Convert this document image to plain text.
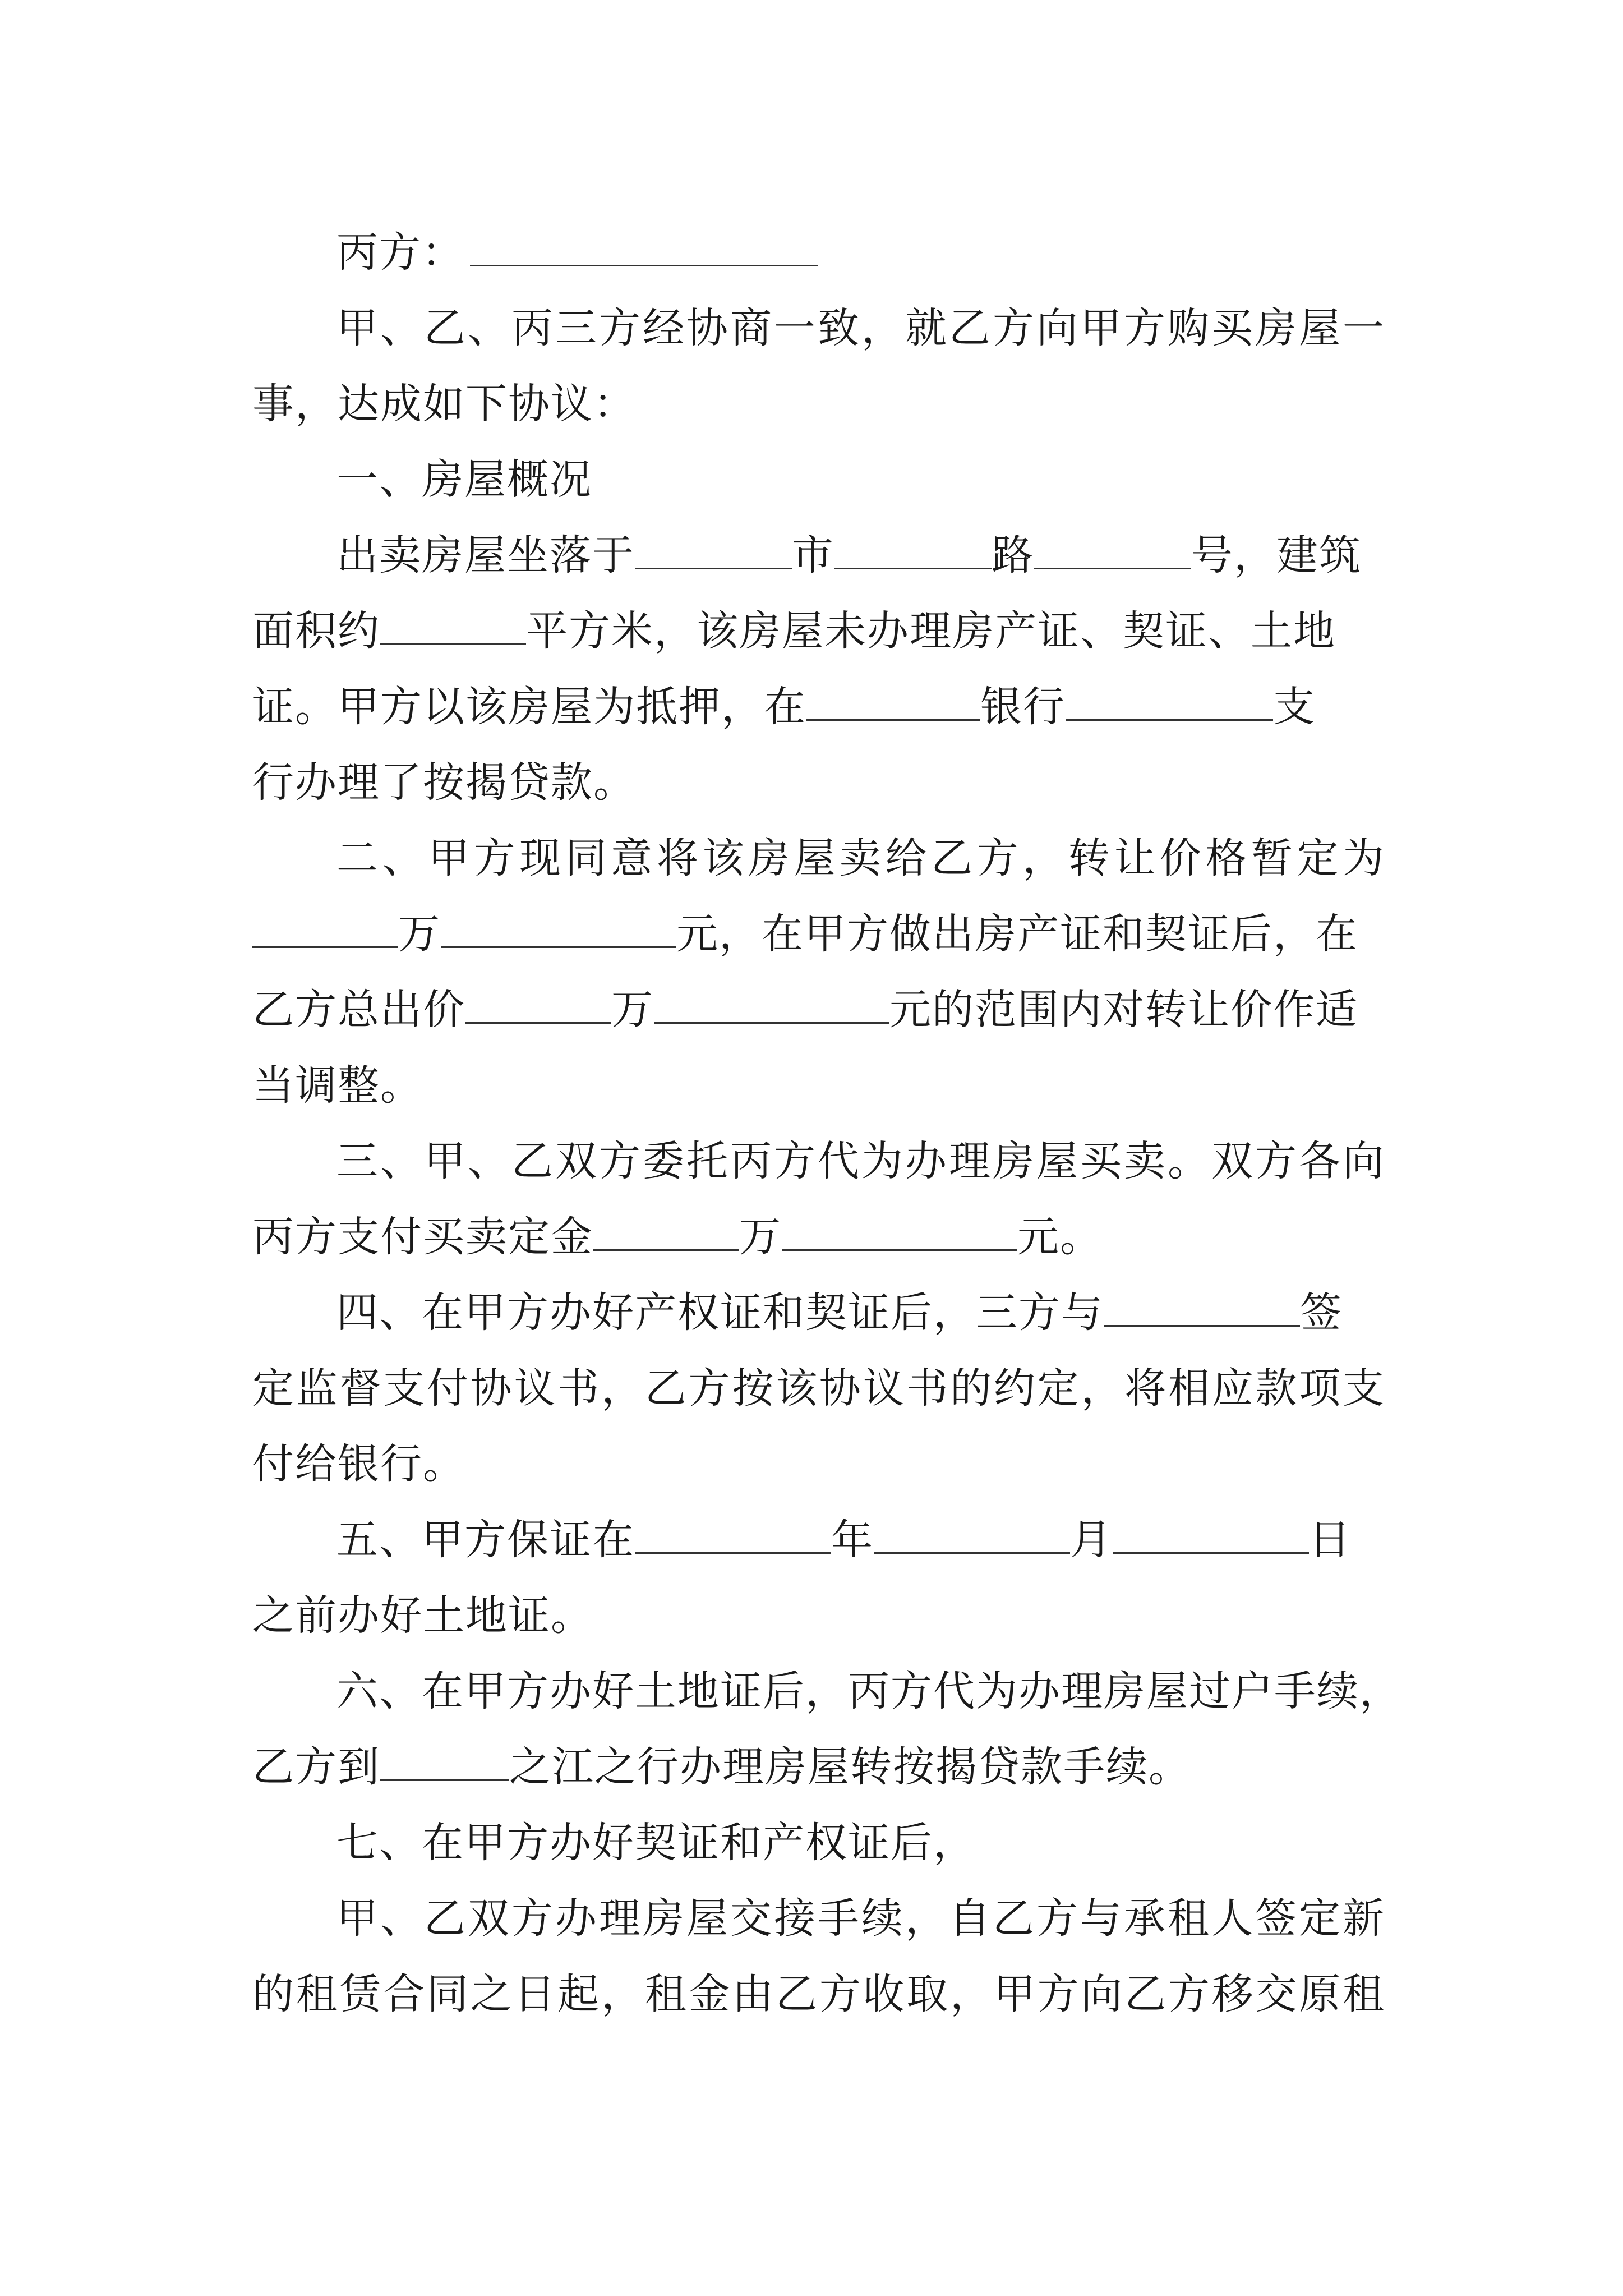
丙方：
甲、乙、丙三方经协商一致，就乙方向甲方购买房屋一
事，达成如下协议：
一、房屋概况
出卖房屋坐落于	市	路	号，建筑
面积约	平方米，该房屋未办理房产证、契证、土地
证。甲方以该房屋为抵押，在	银行	支
行办理了按揭贷款。
二、甲方现同意将该房屋卖给乙方，转让价格暂定为
万	元，在甲方做出房产证和契证后，在
乙方总出价	万	元的范围内对转让价作适
当调整。
三、甲、乙双方委托丙方代为办理房屋买卖。双方各向
丙方支付买卖定金	万	元。
四、在甲方办好产权证和契证后，三方与	签
定监督支付协议书，乙方按该协议书的约定，将相应款项支
付给银行。
五、甲方保证在	年	月	日
之前办好土地证。
六、在甲方办好土地证后，丙方代为办理房屋过户手续，
乙方到	之江之行办理房屋转按揭贷款手续。
七、在甲方办好契证和产权证后，
甲、乙双方办理房屋交接手续，自乙方与承租人签定新
的租赁合同之日起，租金由乙方收取，甲方向乙方移交原租
